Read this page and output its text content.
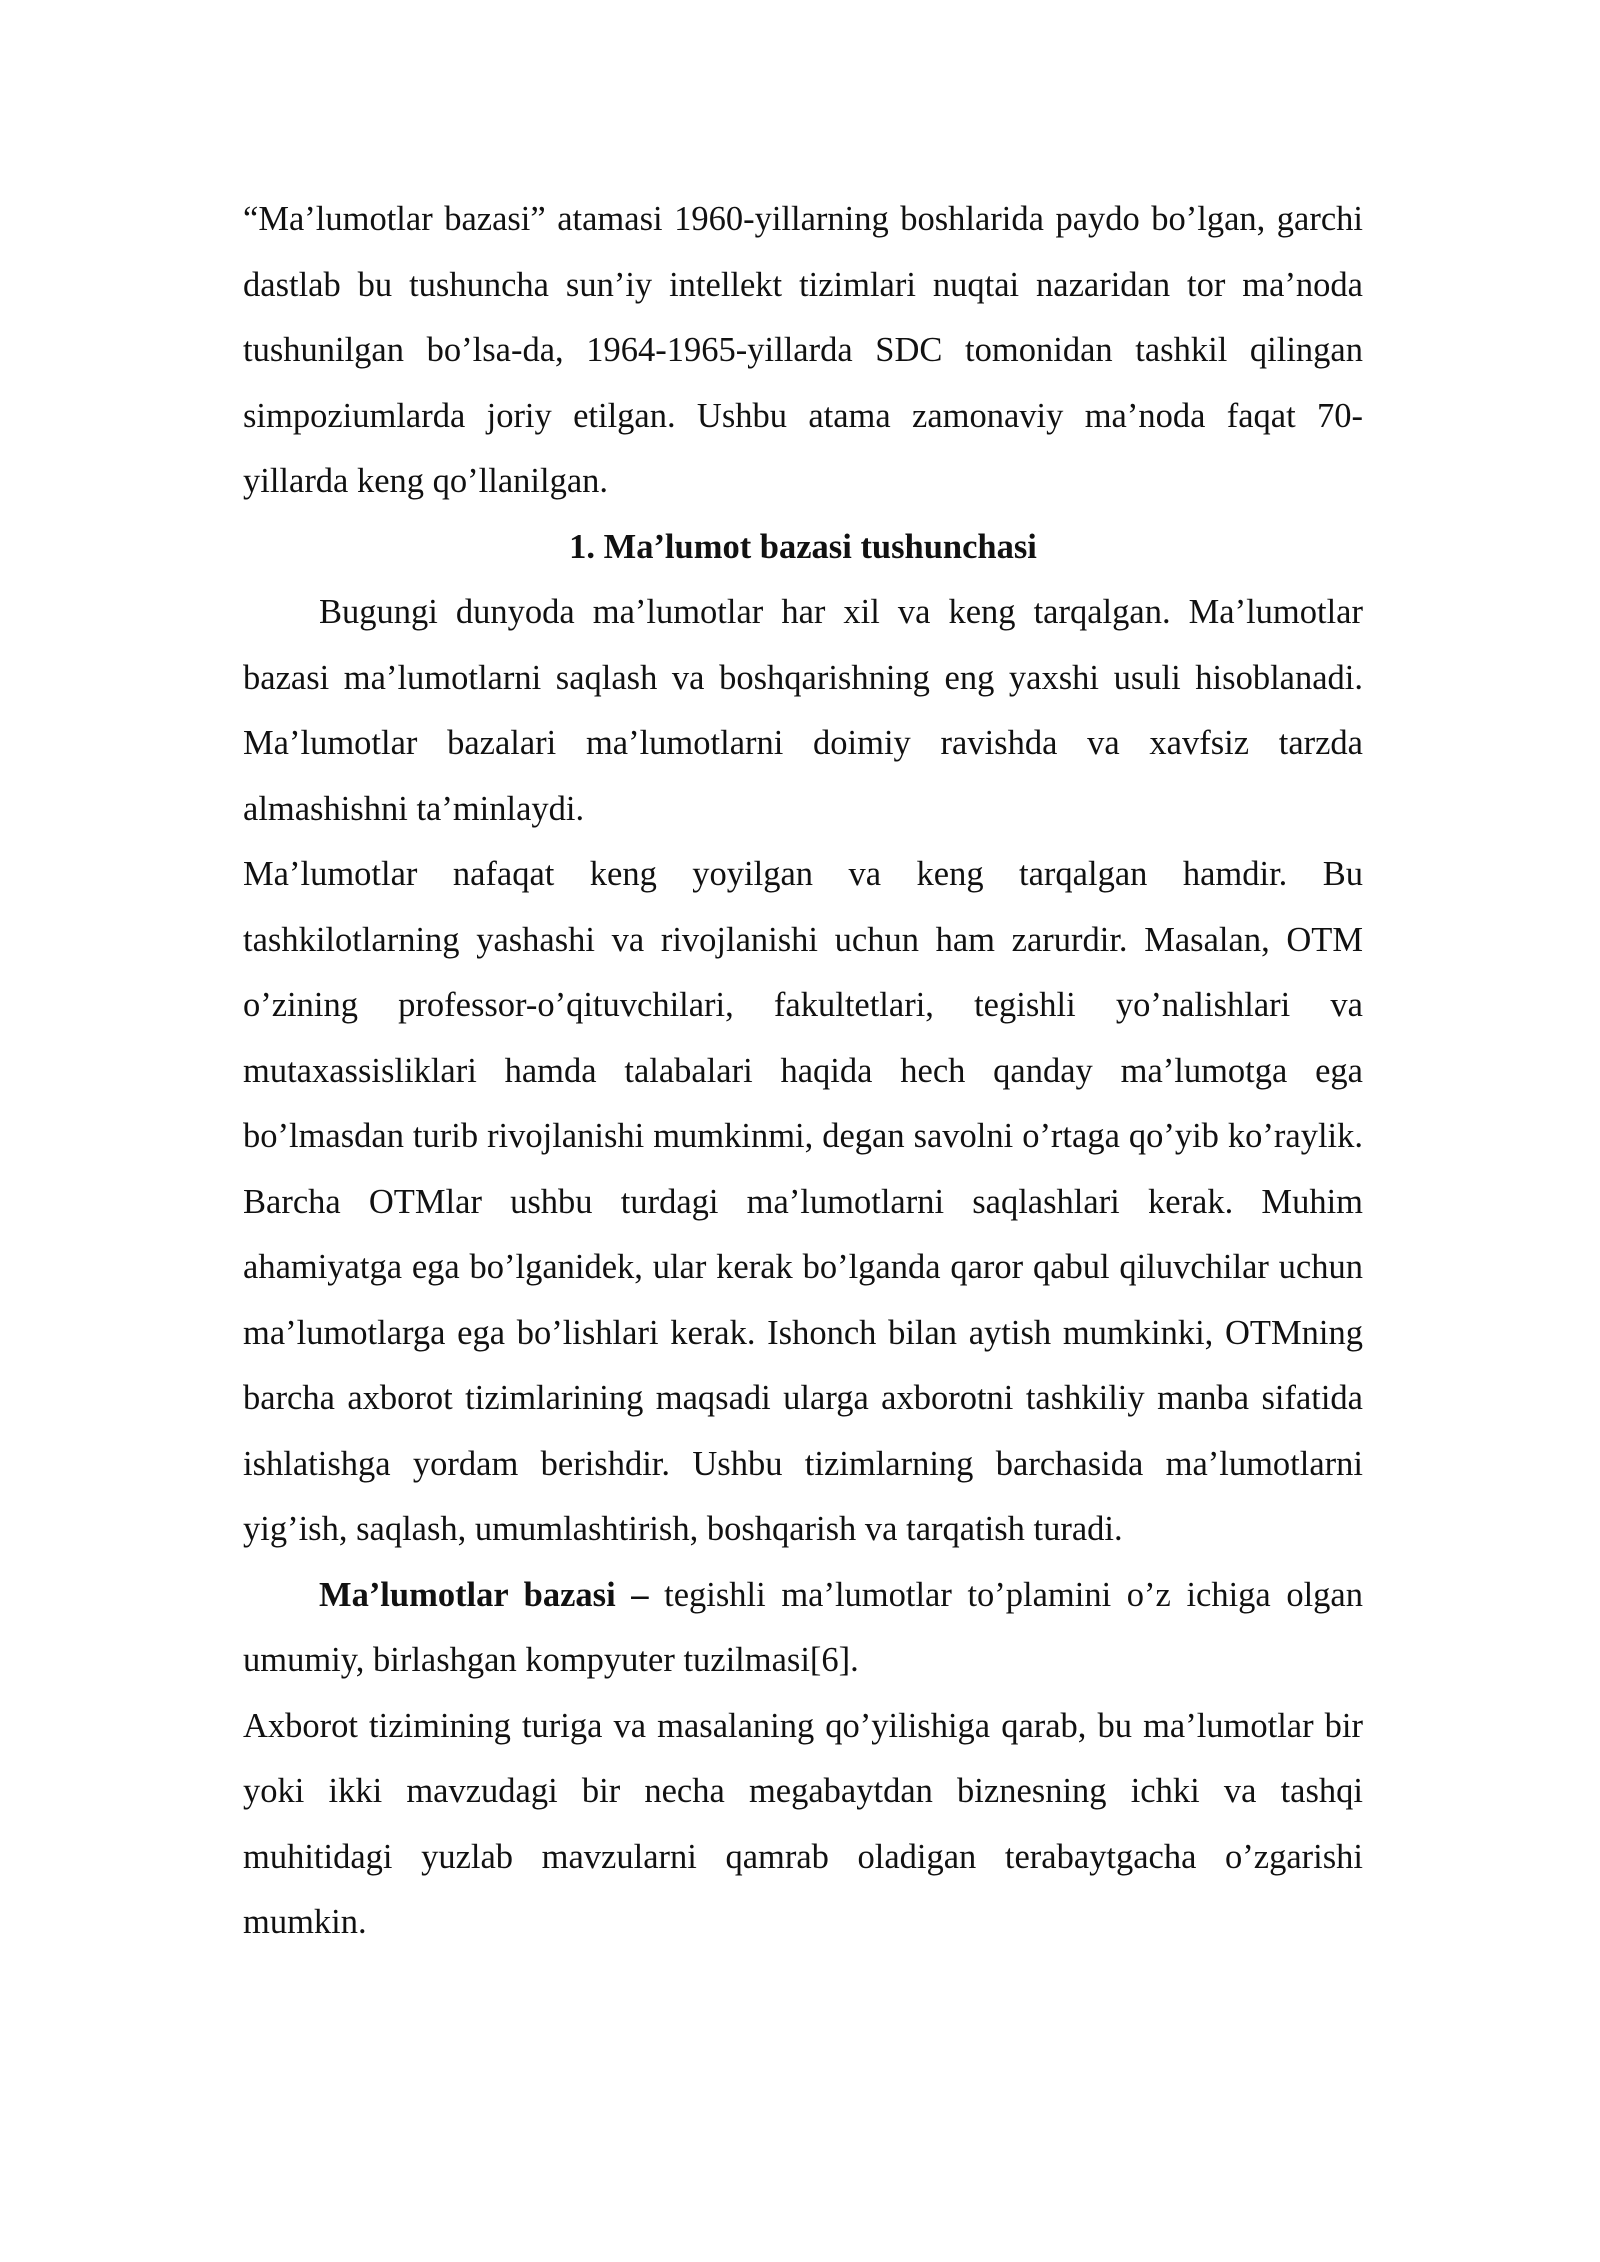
“Ma’lumotlar bazasi” atamasi 1960-yillarning boshlarida paydo bo’lgan, garchi dastlab bu tushuncha sun’iy intellekt tizimlari nuqtai nazaridan tor ma’noda tushunilgan bo’lsa-da, 1964-1965-yillarda SDC tomonidan tashkil qilingan simpoziumlarda joriy etilgan. Ushbu atama zamonaviy ma’noda faqat 70-yillarda keng qo’llanilgan.

1. Ma’lumot bazasi tushunchasi

Bugungi dunyoda ma’lumotlar har xil va keng tarqalgan. Ma’lumotlar bazasi ma’lumotlarni saqlash va boshqarishning eng yaxshi usuli hisoblanadi. Ma’lumotlar bazalari ma’lumotlarni doimiy ravishda va xavfsiz tarzda almashishni ta’minlaydi.

Ma’lumotlar nafaqat keng yoyilgan va keng tarqalgan hamdir. Bu tashkilotlarning yashashi va rivojlanishi uchun ham zarurdir. Masalan, OTM o’zining professor-o’qituvchilari, fakultetlari, tegishli yo’nalishlari va mutaxassisliklari hamda talabalari haqida hech qanday ma’lumotga ega bo’lmasdan turib rivojlanishi mumkinmi, degan savolni o’rtaga qo’yib ko’raylik. Barcha OTMlar ushbu turdagi ma’lumotlarni saqlashlari kerak. Muhim ahamiyatga ega bo’lganidek, ular kerak bo’lganda qaror qabul qiluvchilar uchun ma’lumotlarga ega bo’lishlari kerak. Ishonch bilan aytish mumkinki, OTMning barcha axborot tizimlarining maqsadi ularga axborotni tashkiliy manba sifatida ishlatishga yordam berishdir. Ushbu tizimlarning barchasida ma’lumotlarni yig’ish, saqlash, umumlashtirish, boshqarish va tarqatish turadi.

Ma’lumotlar bazasi – tegishli ma’lumotlar to’plamini o’z ichiga olgan umumiy, birlashgan kompyuter tuzilmasi[6].

Axborot tizimining turiga va masalaning qo’yilishiga qarab, bu ma’lumotlar bir yoki ikki mavzudagi bir necha megabaytdan biznesning ichki va tashqi muhitidagi yuzlab mavzularni qamrab oladigan terabaytgacha o’zgarishi mumkin.
